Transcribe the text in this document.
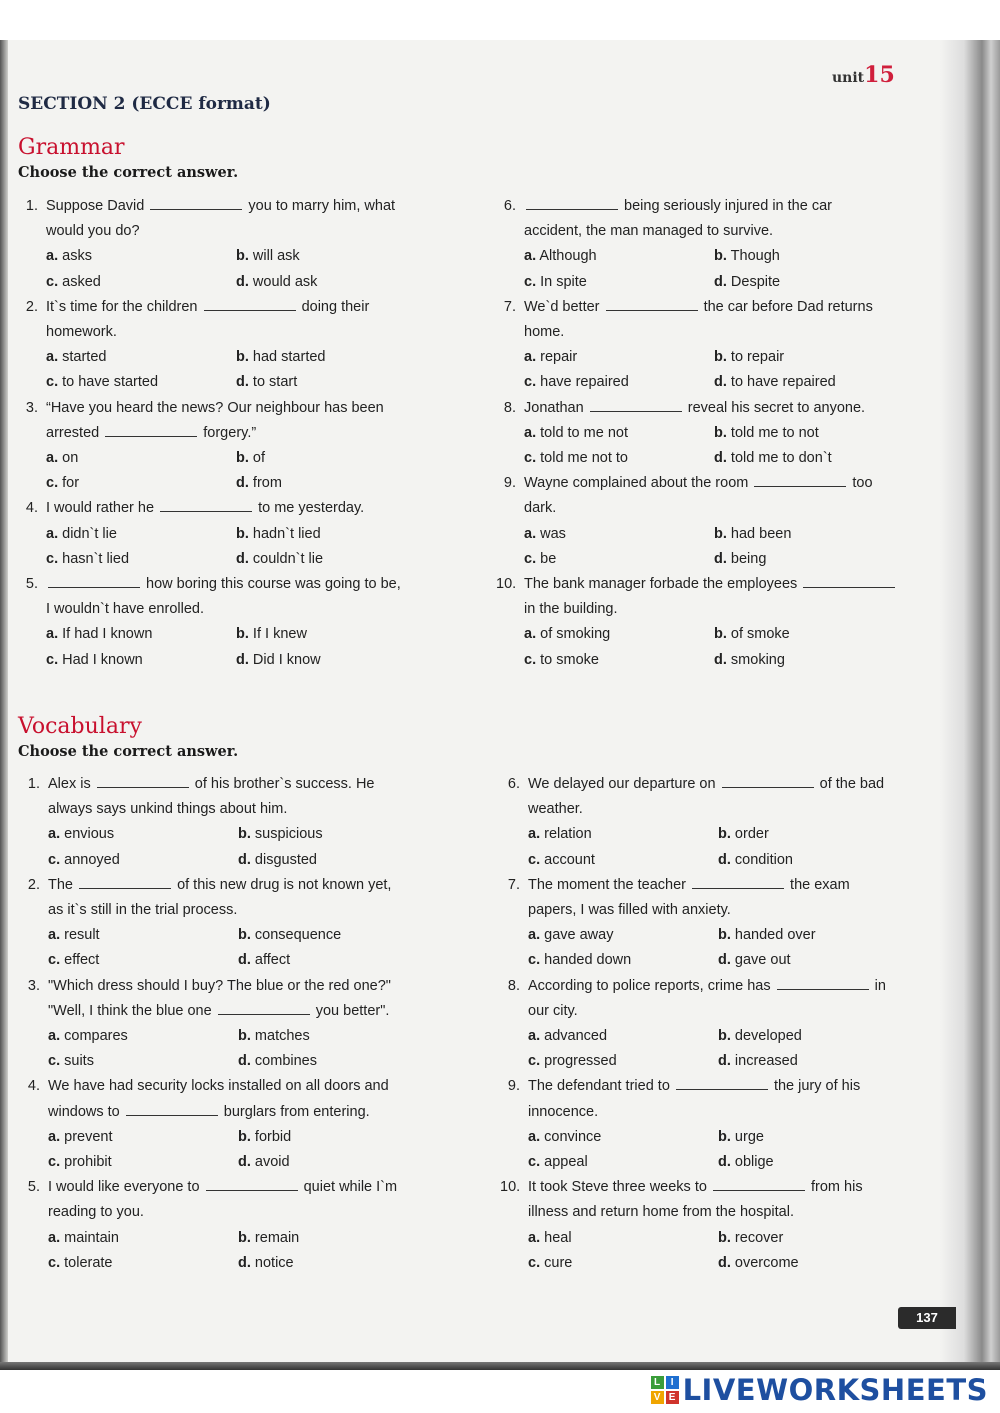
unit15
SECTION 2 (ECCE format)
Grammar
Choose the correct answer.
1. Suppose David	you to marry him, what
would you do?
a. asks	b. will ask
c. asked	d. would ask
2. It`s time for the children	doing their
homework.
a. started	b. had started
c. to have started	d. to start
3. “Have you heard the news? Our neighbour has been
arrested	forgery.”
a. on	b. of
c. for	d. from
4. I would rather he	to me yesterday.
a. didn`t lie	b. hadn`t lied
c. hasn`t lied	d. couldn`t lie
5.	how boring this course was going to be,
I wouldn`t have enrolled.
a. If had I known	b. If I knew
c. Had I known	d. Did I know
6.	being seriously injured in the car
accident, the man managed to survive.
a. Although	b. Though
c. In spite	d. Despite
7. We`d better	the car before Dad returns
home.
a. repair	b. to repair
c. have repaired	d. to have repaired
8. Jonathan	reveal his secret to anyone.
a. told to me not	b. told me to not
c. told me not to	d. told me to don`t
9. Wayne complained about the room	too
dark.
a. was	b. had been
c. be	d. being
10. The bank manager forbade the employees
in the building.
a. of smoking	b. of smoke
c. to smoke	d. smoking
Vocabulary
Choose the correct answer.
1. Alex is	of his brother`s success. He
always says unkind things about him.
a. envious	b. suspicious
c. annoyed	d. disgusted
2. The	of this new drug is not known yet,
as it`s still in the trial process.
a. result	b. consequence
c. effect	d. affect
3. "Which dress should I buy? The blue or the red one?"
"Well, I think the blue one	you better".
a. compares	b. matches
c. suits	d. combines
4. We have had security locks installed on all doors and
windows to	burglars from entering.
a. prevent	b. forbid
c. prohibit	d. avoid
5. I would like everyone to	quiet while I`m
reading to you.
a. maintain	b. remain
c. tolerate	d. notice
6. We delayed our departure on	of the bad
weather.
a. relation	b. order
c. account	d. condition
7. The moment the teacher	the exam
papers, I was filled with anxiety.
a. gave away	b. handed over
c. handed down	d. gave out
8. According to police reports, crime has	in
our city.
a. advanced	b. developed
c. progressed	d. increased
9. The defendant tried to	the jury of his
innocence.
a. convince	b. urge
c. appeal	d. oblige
10. It took Steve three weeks to	from his
illness and return home from the hospital.
a. heal	b. recover
c. cure	d. overcome
137
L	I
V E LIVEWORKSHEETS
